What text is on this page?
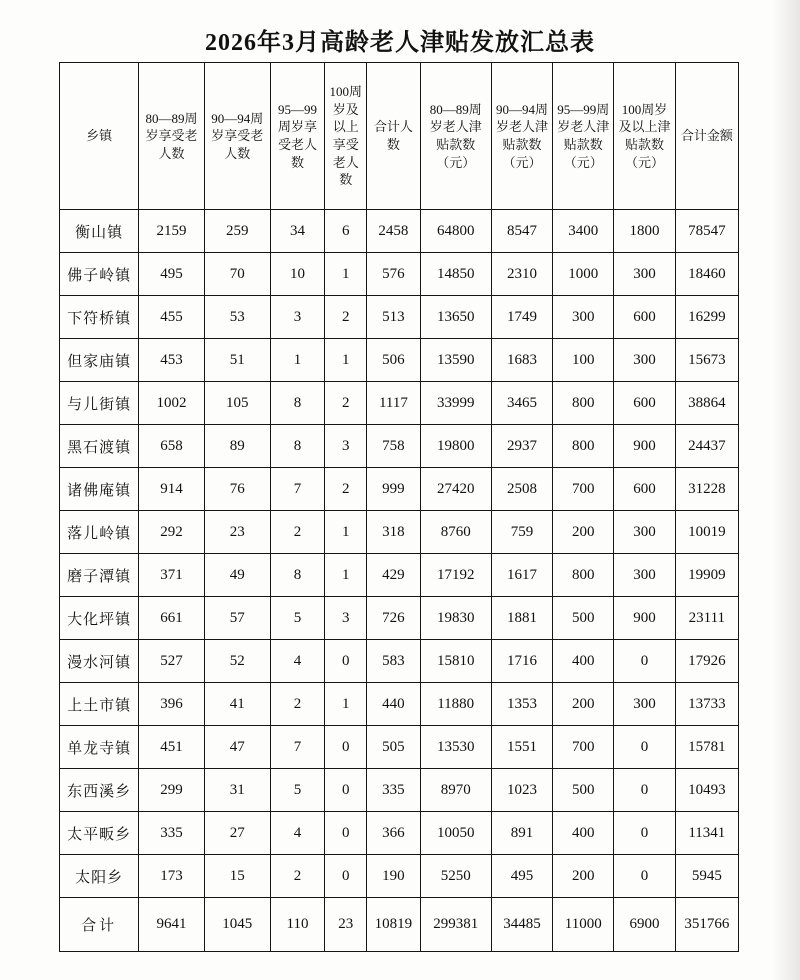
2026年3月高龄老人津贴发放汇总表
乡镇	80—89周岁享受老人数	90—94周岁享受老人数	95—99周岁享受老人数	100周岁及以上享受老人数	合计人数	80—89周岁老人津贴款数（元）	90—94周岁老人津贴款数（元）	95—99周岁老人津贴款数（元）	100周岁及以上津贴款数（元）	合计金额
衡山镇	2159	259	34	6	2458	64800	8547	3400	1800	78547
佛子岭镇	495	70	10	1	576	14850	2310	1000	300	18460
下符桥镇	455	53	3	2	513	13650	1749	300	600	16299
但家庙镇	453	51	1	1	506	13590	1683	100	300	15673
与儿街镇	1002	105	8	2	1117	33999	3465	800	600	38864
黑石渡镇	658	89	8	3	758	19800	2937	800	900	24437
诸佛庵镇	914	76	7	2	999	27420	2508	700	600	31228
落儿岭镇	292	23	2	1	318	8760	759	200	300	10019
磨子潭镇	371	49	8	1	429	17192	1617	800	300	19909
大化坪镇	661	57	5	3	726	19830	1881	500	900	23111
漫水河镇	527	52	4	0	583	15810	1716	400	0	17926
上土市镇	396	41	2	1	440	11880	1353	200	300	13733
单龙寺镇	451	47	7	0	505	13530	1551	700	0	15781
东西溪乡	299	31	5	0	335	8970	1023	500	0	10493
太平畈乡	335	27	4	0	366	10050	891	400	0	11341
太阳乡	173	15	2	0	190	5250	495	200	0	5945
合计	9641	1045	110	23	10819	299381	34485	11000	6900	351766
